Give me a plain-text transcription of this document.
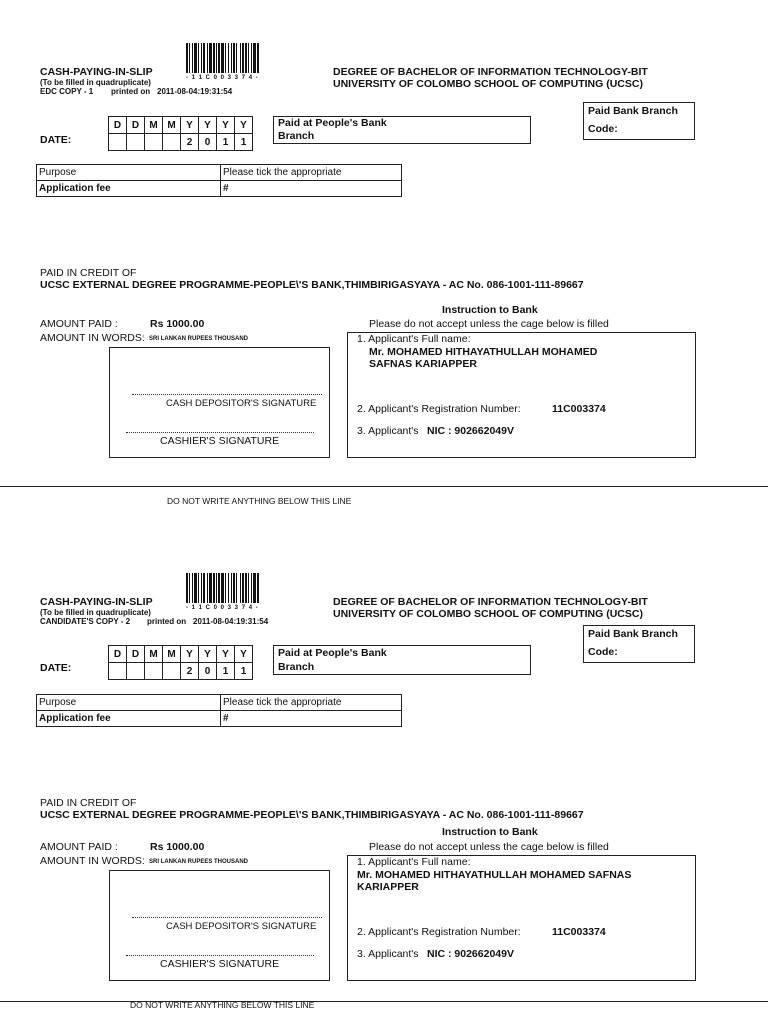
CASH-PAYING-IN-SLIP
(To be filled in quadruplicate)
EDC COPY - 1 printed on 2011-08-04:19:31:54
- 1 1 C 0 0 3 3 7 4 -	DEGREE OF BACHELOR OF INFORMATION TECHNOLOGY-BIT
UNIVERSITY OF COLOMBO SCHOOL OF COMPUTING (UCSC)
Paid Bank Branch
Code:
DATE:
D	D	M	M	Y	Y	Y	Y
				2	0	1	1
Paid at People's Bank
Branch
Purpose	Please tick the appropriate
Application fee	#
PAID IN CREDIT OF
UCSC EXTERNAL DEGREE PROGRAMME-PEOPLE\'S BANK,THIMBIRIGASYAYA - AC No. 086-1001-111-89667
Instruction to Bank
Please do not accept unless the cage below is filled
AMOUNT PAID :	Rs 1000.00
AMOUNT IN WORDS: SRI LANKAN RUPEES THOUSAND
CASH DEPOSITOR'S SIGNATURE
CASHIER'S SIGNATURE
1. Applicant's Full name:
Mr. MOHAMED HITHAYATHULLAH MOHAMED
SAFNAS KARIAPPER
2. Applicant's Registration Number:	11C003374
3. Applicant's NIC : 902662049V
DO NOT WRITE ANYTHING BELOW THIS LINE
CASH-PAYING-IN-SLIP
(To be filled in quadruplicate)
CANDIDATE'S COPY - 2 printed on 2011-08-04:19:31:54
- 1 1 C 0 0 3 3 7 4 -	DEGREE OF BACHELOR OF INFORMATION TECHNOLOGY-BIT
UNIVERSITY OF COLOMBO SCHOOL OF COMPUTING (UCSC)
Paid Bank Branch
Code:
DATE:
D	D	M	M	Y	Y	Y	Y
				2	0	1	1
Paid at People's Bank
Branch
Purpose	Please tick the appropriate
Application fee	#
PAID IN CREDIT OF
UCSC EXTERNAL DEGREE PROGRAMME-PEOPLE\'S BANK,THIMBIRIGASYAYA - AC No. 086-1001-111-89667
Instruction to Bank
Please do not accept unless the cage below is filled
AMOUNT PAID :	Rs 1000.00
AMOUNT IN WORDS: SRI LANKAN RUPEES THOUSAND
CASH DEPOSITOR'S SIGNATURE
CASHIER'S SIGNATURE
1. Applicant's Full name:
Mr. MOHAMED HITHAYATHULLAH MOHAMED SAFNAS
KARIAPPER
2. Applicant's Registration Number:	11C003374
3. Applicant's NIC : 902662049V
DO NOT WRITE ANYTHING BELOW THIS LINE
